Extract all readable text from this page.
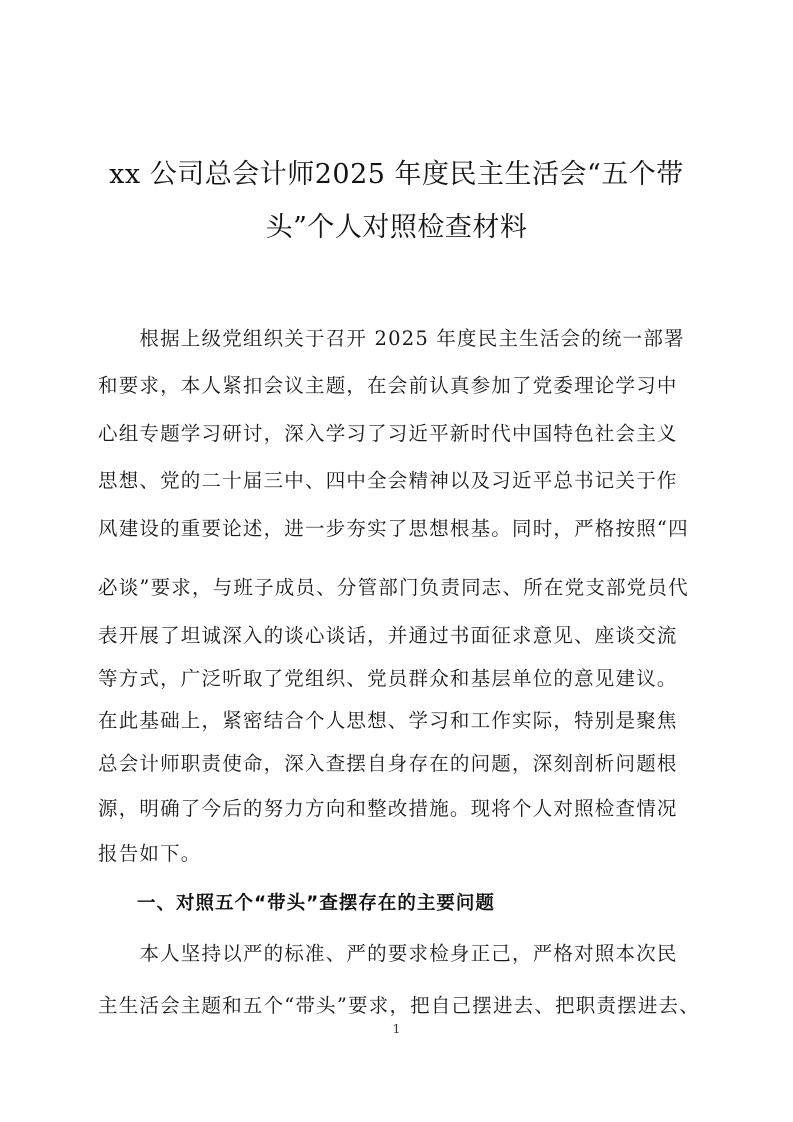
xx 公司总会计师2025 年度民主生活会“五个带
头”个人对照检查材料
　　根据上级党组织关于召开 2025 年度民主生活会的统一部署
和要求，本人紧扣会议主题，在会前认真参加了党委理论学习中
心组专题学习研讨，深入学习了习近平新时代中国特色社会主义
思想、党的二十届三中、四中全会精神以及习近平总书记关于作
风建设的重要论述，进一步夯实了思想根基。同时，严格按照“四
必谈”要求，与班子成员、分管部门负责同志、所在党支部党员代
表开展了坦诚深入的谈心谈话，并通过书面征求意见、座谈交流
等方式，广泛听取了党组织、党员群众和基层单位的意见建议。
在此基础上，紧密结合个人思想、学习和工作实际，特别是聚焦
总会计师职责使命，深入查摆自身存在的问题，深刻剖析问题根
源，明确了今后的努力方向和整改措施。现将个人对照检查情况
报告如下。
　　一、对照五个“带头”查摆存在的主要问题
　　本人坚持以严的标准、严的要求检身正己，严格对照本次民
主生活会主题和五个“带头”要求，把自己摆进去、把职责摆进去、
1
